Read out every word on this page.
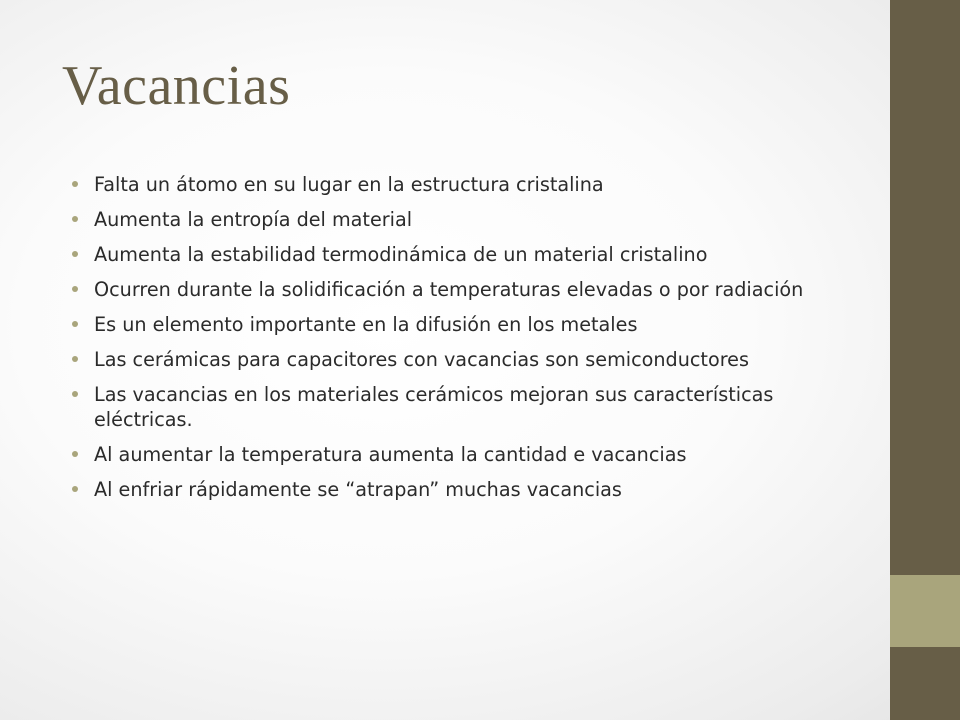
Vacancias
Falta un átomo en su lugar en la estructura cristalina
Aumenta la entropía del material
Aumenta la estabilidad termodinámica de un material cristalino
Ocurren durante la solidificación a temperaturas elevadas o por radiación
Es un elemento importante en la difusión en los metales
Las cerámicas para capacitores con vacancias son semiconductores
Las vacancias en los materiales cerámicos mejoran sus características eléctricas.
Al aumentar la temperatura aumenta la cantidad e vacancias
Al enfriar rápidamente se “atrapan” muchas vacancias
